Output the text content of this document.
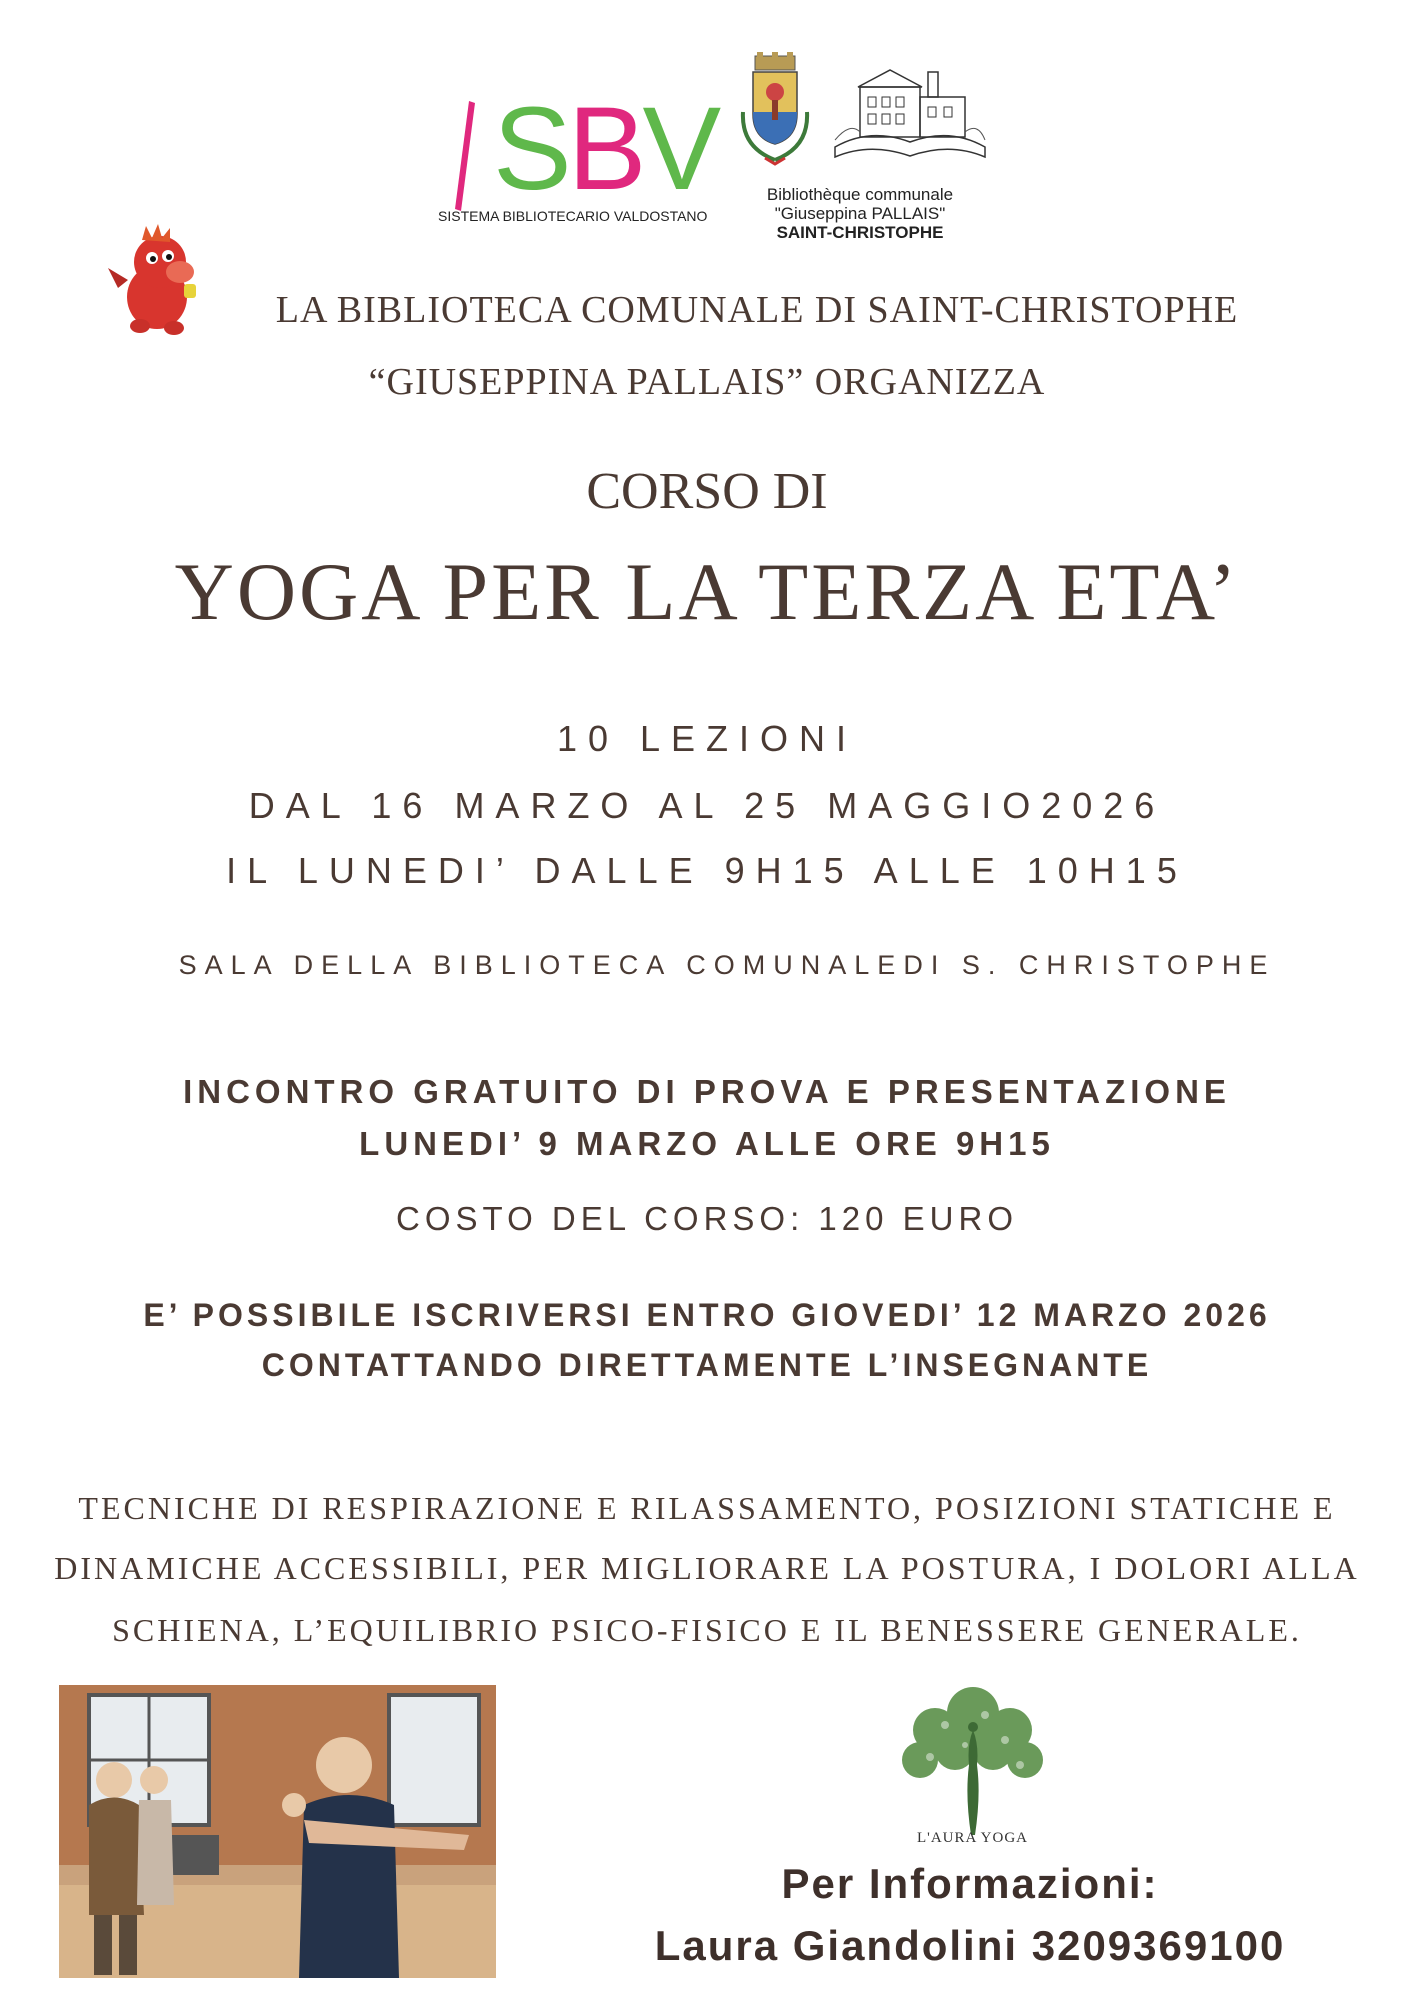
SBV
SISTEMA BIBLIOTECARIO VALDOSTANO
Bibliothèque communale
"Giuseppina PALLAIS"
SAINT-CHRISTOPHE
LA BIBLIOTECA COMUNALE DI SAINT-CHRISTOPHE
“GIUSEPPINA PALLAIS” ORGANIZZA
CORSO DI
YOGA PER LA TERZA ETA’
10 LEZIONI
DAL 16 MARZO AL 25 MAGGIO2026
IL LUNEDI’ DALLE 9H15 ALLE 10H15
SALA DELLA BIBLIOTECA COMUNALEDI S. CHRISTOPHE
INCONTRO GRATUITO DI PROVA E PRESENTAZIONE
LUNEDI’ 9 MARZO ALLE ORE 9H15
COSTO DEL CORSO: 120 EURO
E’ POSSIBILE ISCRIVERSI ENTRO GIOVEDI’ 12 MARZO 2026
CONTATTANDO DIRETTAMENTE L’INSEGNANTE
TECNICHE DI RESPIRAZIONE E RILASSAMENTO, POSIZIONI STATICHE E
DINAMICHE ACCESSIBILI, PER MIGLIORARE LA POSTURA, I DOLORI ALLA
SCHIENA, L’EQUILIBRIO PSICO-FISICO E IL BENESSERE GENERALE.
L'AURA YOGA
Per Informazioni:
Laura Giandolini 3209369100
